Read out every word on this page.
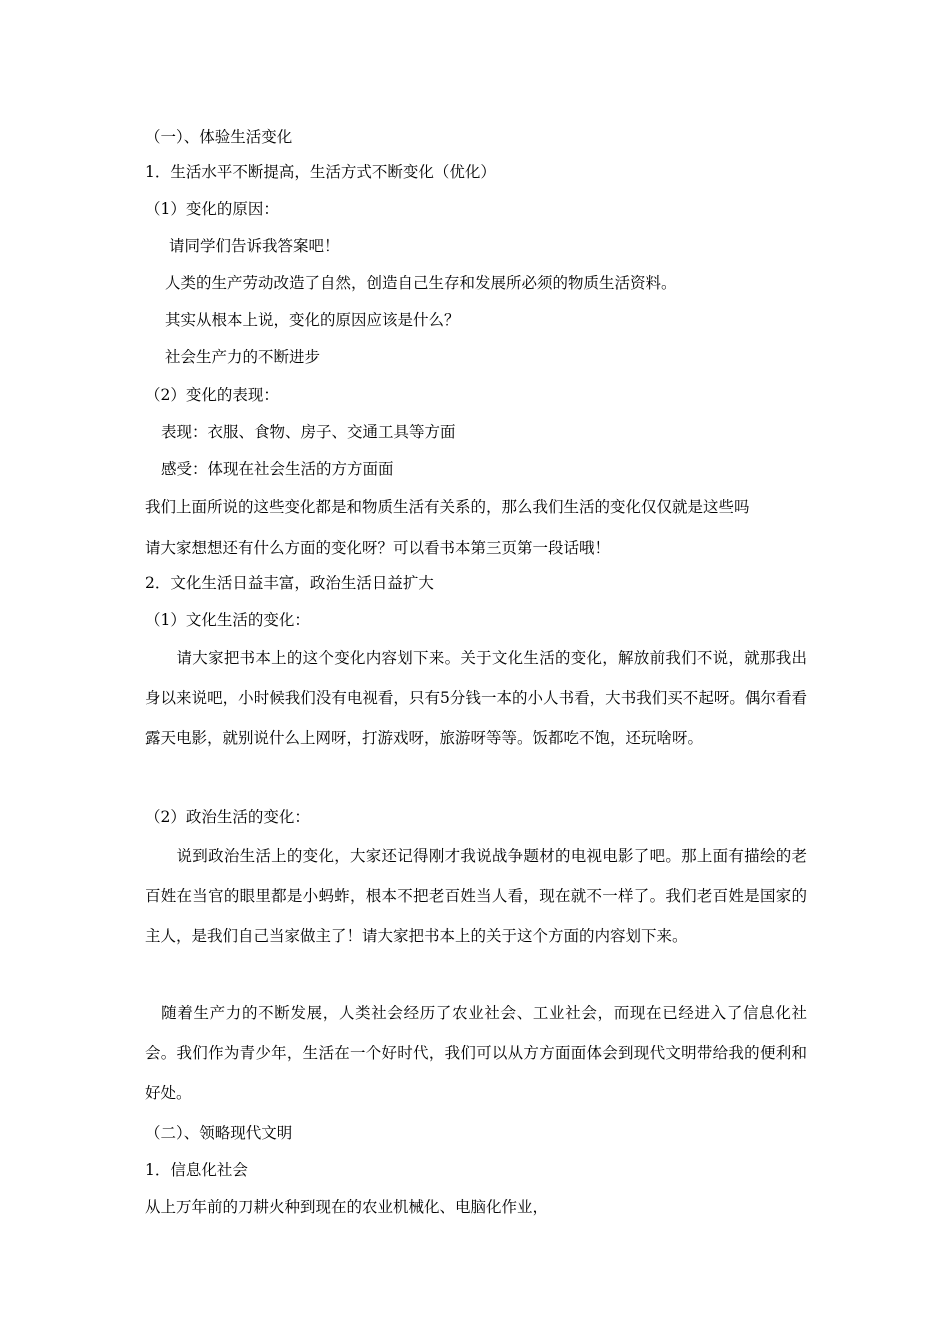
（一）、体验生活变化
1．生活水平不断提高，生活方式不断变化（优化）
（1）变化的原因：
请同学们告诉我答案吧！
人类的生产劳动改造了自然，创造自己生存和发展所必须的物质生活资料。
其实从根本上说，变化的原因应该是什么？
社会生产力的不断进步
（2）变化的表现：
表现：衣服、食物、房子、交通工具等方面
感受：体现在社会生活的方方面面
我们上面所说的这些变化都是和物质生活有关系的，那么我们生活的变化仅仅就是这些吗
请大家想想还有什么方面的变化呀？可以看书本第三页第一段话哦！
2．文化生活日益丰富，政治生活日益扩大
（1）文化生活的变化：
　　请大家把书本上的这个变化内容划下来。关于文化生活的变化，解放前我们不说，就那我出身以来说吧，小时候我们没有电视看，只有5分钱一本的小人书看，大书我们买不起呀。偶尔看看露天电影，就别说什么上网呀，打游戏呀，旅游呀等等。饭都吃不饱，还玩啥呀。
（2）政治生活的变化：
　　说到政治生活上的变化，大家还记得刚才我说战争题材的电视电影了吧。那上面有描绘的老百姓在当官的眼里都是小蚂蚱，根本不把老百姓当人看，现在就不一样了。我们老百姓是国家的主人，是我们自己当家做主了！请大家把书本上的关于这个方面的内容划下来。
　随着生产力的不断发展，人类社会经历了农业社会、工业社会，而现在已经进入了信息化社会。我们作为青少年，生活在一个好时代，我们可以从方方面面体会到现代文明带给我的便利和好处。
（二）、领略现代文明
1．信息化社会
从上万年前的刀耕火种到现在的农业机械化、电脑化作业，
